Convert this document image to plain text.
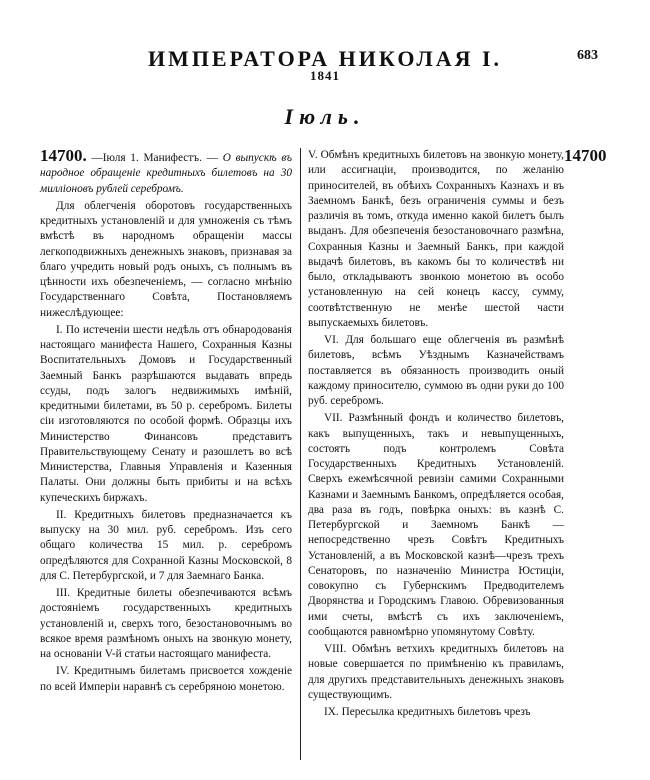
ИМПЕРАТОРА НИКОЛАЯ I.	683
1841
Іюль.

14700. —Іюля 1. Манифестъ. — О выпускѣ въ народное обращеніе кредитныхъ билетовъ на 30 милліоновъ рублей серебромъ.

Для облегченія оборотовъ государственныхъ кредитныхъ установленій и для умноженія съ тѣмъ вмѣстѣ въ народномъ обращеніи массы легкоподвижныхъ денежныхъ знаковъ, признавая за благо учредить новый родъ оныхъ, съ полнымъ въ цѣнности ихъ обезпеченіемъ, — согласно мнѣнію Государственнаго Совѣта, Постановляемъ нижеслѣдующее:

I. По истеченіи шести недѣль отъ обнародованія настоящаго манифеста Нашего, Сохранныя Казны Воспитательныхъ Домовъ и Государственный Заемный Банкъ разрѣшаются выдавать впредь ссуды, подъ залогъ недвижимыхъ имѣній, кредитными билетами, въ 50 р. серебромъ. Билеты сіи изготовляются по особой формѣ. Образцы ихъ Министерство Финансовъ представитъ Правительствующему Сенату и разошлетъ во всѣ Министерства, Главныя Управленія и Казенныя Палаты. Они должны быть прибиты и на всѣхъ купеческихъ биржахъ.

II. Кредитныхъ билетовъ предназначается къ выпуску на 30 мил. руб. серебромъ. Изъ сего общаго количества 15 мил. р. серебромъ опредѣляются для Сохранной Казны Московской, 8 для С. Петербургской, и 7 для Заемнаго Банка.

III. Кредитные билеты обезпечиваются всѣмъ достояніемъ государственныхъ кредитныхъ установленій и, сверхъ того, безостановочнымъ во всякое время размѣномъ оныхъ на звонкую монету, на основаніи V-й статьи настоящаго манифеста.

IV. Кредитнымъ билетамъ присвоется хожденіе по всей Имперіи наравнѣ съ серебряною монетою.

V. Обмѣнъ кредитныхъ билетовъ на звонкую монету, или ассигнаціи, производится, по желанію приносителей, въ обѣихъ Сохранныхъ Казнахъ и въ Заемномъ Банкѣ, безъ ограниченія суммы и безъ различія въ томъ, откуда именно какой билетъ былъ выданъ. Для обезпеченія безостановочнаго размѣна, Сохранныя Казны и Заемный Банкъ, при каждой выдачѣ билетовъ, въ какомъ бы то количествѣ ни было, откладываютъ звонкою монетою въ особо установленную на сей конецъ кассу, сумму, соотвѣтственную не менѣе шестой части выпускаемыхъ билетовъ.

VI. Для большаго еще облегченія въ размѣнѣ билетовъ, всѣмъ Уѣзднымъ Казначействамъ поставляется въ обязанность производить оный каждому приносителю, суммою въ одни руки до 100 руб. серебромъ.

VII. Размѣнный фондъ и количество билетовъ, какъ выпущенныхъ, такъ и невыпущенныхъ, состоятъ подъ контролемъ Совѣта Государственныхъ Кредитныхъ Установленій. Сверхъ ежемѣсячной ревизіи самими Сохранными Казнами и Заемнымъ Банкомъ, опредѣляется особая, два раза въ годъ, повѣрка оныхъ: въ казнѣ С. Петербургской и Заемномъ Банкѣ —непосредственно чрезъ Совѣтъ Кредитныхъ Установленій, а въ Московской казнѣ—чрезъ трехъ Сенаторовъ, по назначенію Министра Юстиціи, совокупно съ Губернскимъ Предводителемъ Дворянства и Городскимъ Главою. Обревизованныя ими счеты, вмѣстѣ съ ихъ заключеніемъ, сообщаются равномѣрно упомянутому Совѣту.

VIII. Обмѣнъ ветхихъ кредитныхъ билетовъ на новые совершается по примѣненію къ правиламъ, для другихъ представительныхъ денежныхъ знаковъ существующимъ.

IX. Пересылка кредитныхъ билетовъ чрезъ

14700
